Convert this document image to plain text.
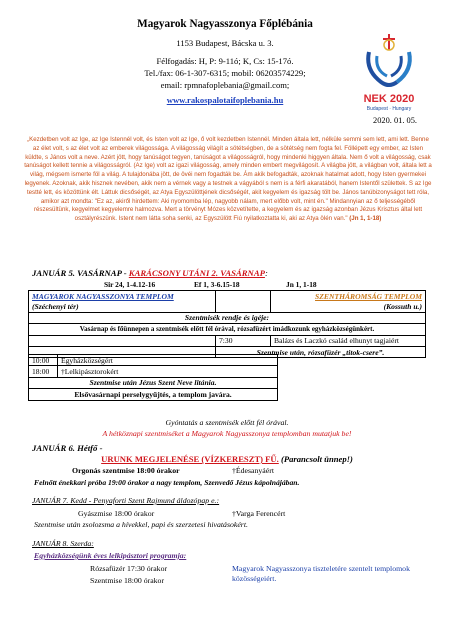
Magyarok Nagyasszonya Főplébánia
1153 Budapest, Bácska u. 3.
Félfogadás: H, P: 9-11ó; K, Cs: 15-17ó.
Tel./fax: 06-1-307-6315; mobil: 06203574229;
email: rpmnafoplebania@gmail.com;
www.rakospalotaifoplebania.hu
2020. 01. 05.
NEK 2020
Budapest · Hungary
„Kezdetben volt az Ige, az Ige Istennél volt, és Isten volt az Ige, ő volt kezdetben Istennél. Minden általa lett, nélküle semmi sem lett, ami lett. Benne az élet volt, s az élet volt az emberek világossága. A világosság világít a sötétségben, de a sötétség nem fogta fel. Föllépett egy ember, az Isten küldte, s János volt a neve. Azért jött, hogy tanúságot tegyen, tanúságot a világosságról, hogy mindenki higgyen általa. Nem ő volt a világosság, csak tanúságot kellett tennie a világosságról. (Az Ige) volt az igazi világosság, amely minden embert megvilágosít. A világba jött, a világban volt, általa lett a világ, mégsem ismerte föl a világ. A tulajdonába jött, de övéi nem fogadták be. Ám akik befogadták, azoknak hatalmat adott, hogy Isten gyermekei legyenek. Azoknak, akik hisznek nevében, akik nem a vérnek vagy a testnek a vágyából s nem is a férfi akaratából, hanem Istentől születtek. S az Ige testté lett, és közöttünk élt. Láttuk dicsőségét, az Atya Egyszülöttjének dicsőségét, akit kegyelem és igazság tölt be. János tanúbizonyságot tett róla, amikor azt mondta: "Ez az, akiről hirdettem: Aki nyomomba lép, nagyobb nálam, mert előbb volt, mint én." Mindannyian az ő teljességéből részesültünk, kegyelmet kegyelemre halmozva. Mert a törvényt Mózes közvetítette, a kegyelem és az igazság azonban Jézus Krisztus által lett osztályrészünk. Istent nem látta soha senki, az Egyszülött Fiú nyilatkoztatta ki, aki az Atya ölén van." (Jn 1, 1-18)
JANUÁR 5. VASÁRNAP - KARÁCSONY UTÁNI 2. VASÁRNAP:
Sir 24, 1-4.12-16	Ef 1, 3-6.15-18	Jn 1, 1-18
MAGYAROK NAGYASSZONYA TEMPLOM		SZENTHÁROMSÁG TEMPLOM
(Széchenyi tér)		(Kossuth u.)
Szentmisék rendje és igéje:		
Vasárnap és főünnepen a szentmisék előtt fél órával, rózsafüzért imádkozunk egyházközségünkért.		
	7:30	Balázs és Laczkó család elhunyt tagjaiért
	Szentmise után, rózsafüzér „titok-csere”.	
10:00	Egyházközségért
18:00	†Lelkipásztorokért
Szentmise után Jézus Szent Neve litánia.	
Elsővasárnapi perselygyűjtés, a templom javára.	
Gyóntatás a szentmisék előtt fél órával.
A hétköznapi szentmiséket a Magyarok Nagyasszonya templomban mutatjuk be!
JANUÁR 6. Hétfő -
URUNK MEGJELENÉSE (VÍZKERESZT) FŰ. (Parancsolt ünnep!)
Orgonás szentmise 18:00 órakor	†Édesanyáért
Felnőtt énekkari próba 19:00 órakor a nagy templom, Szenvedő Jézus kápolnájában.
JANUÁR 7. Kedd - Penyaforti Szent Rajmund áldozópap e.:
Gyászmise 18:00 órakor	†Varga Ferencért
Szentmise után zsolozsma a hívekkel, papi és szerzetesi hivatásokért.
JANUÁR 8. Szerda:
Egyházközségünk éves lelkipásztori programja:
Rózsafüzér 17:30 órakor
Szentmise 18:00 órakor
Magyarok Nagyasszonya tiszteletére szentelt templomok közösségeiért.
